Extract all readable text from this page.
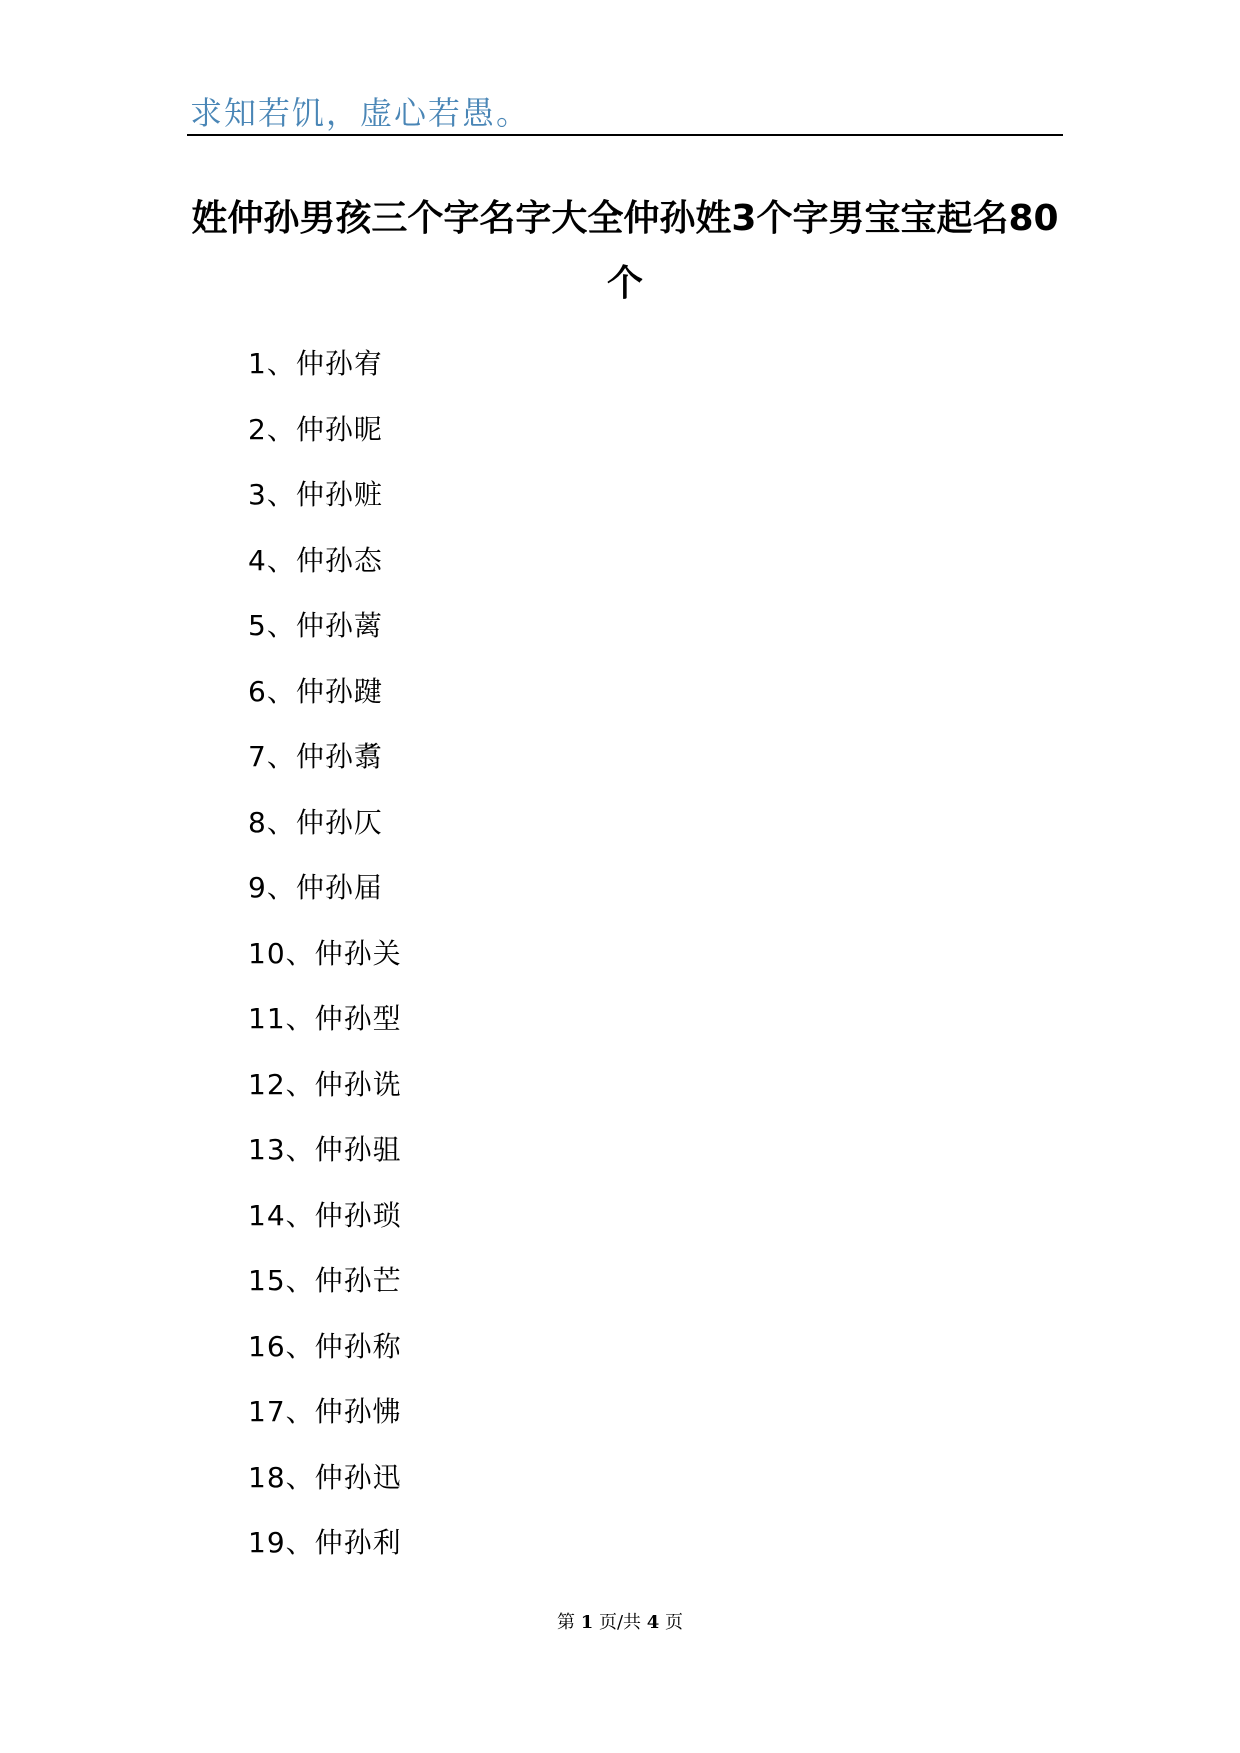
求知若饥，虚心若愚。
姓仲孙男孩三个字名字大全仲孙姓3个字男宝宝起名80个
1、仲孙宥
2、仲孙昵
3、仲孙赃
4、仲孙态
5、仲孙蓠
6、仲孙踺
7、仲孙翥
8、仲孙仄
9、仲孙届
10、仲孙关
11、仲孙型
12、仲孙诜
13、仲孙驵
14、仲孙琐
15、仲孙芒
16、仲孙称
17、仲孙怫
18、仲孙迅
19、仲孙利
第 1 页/共 4 页
